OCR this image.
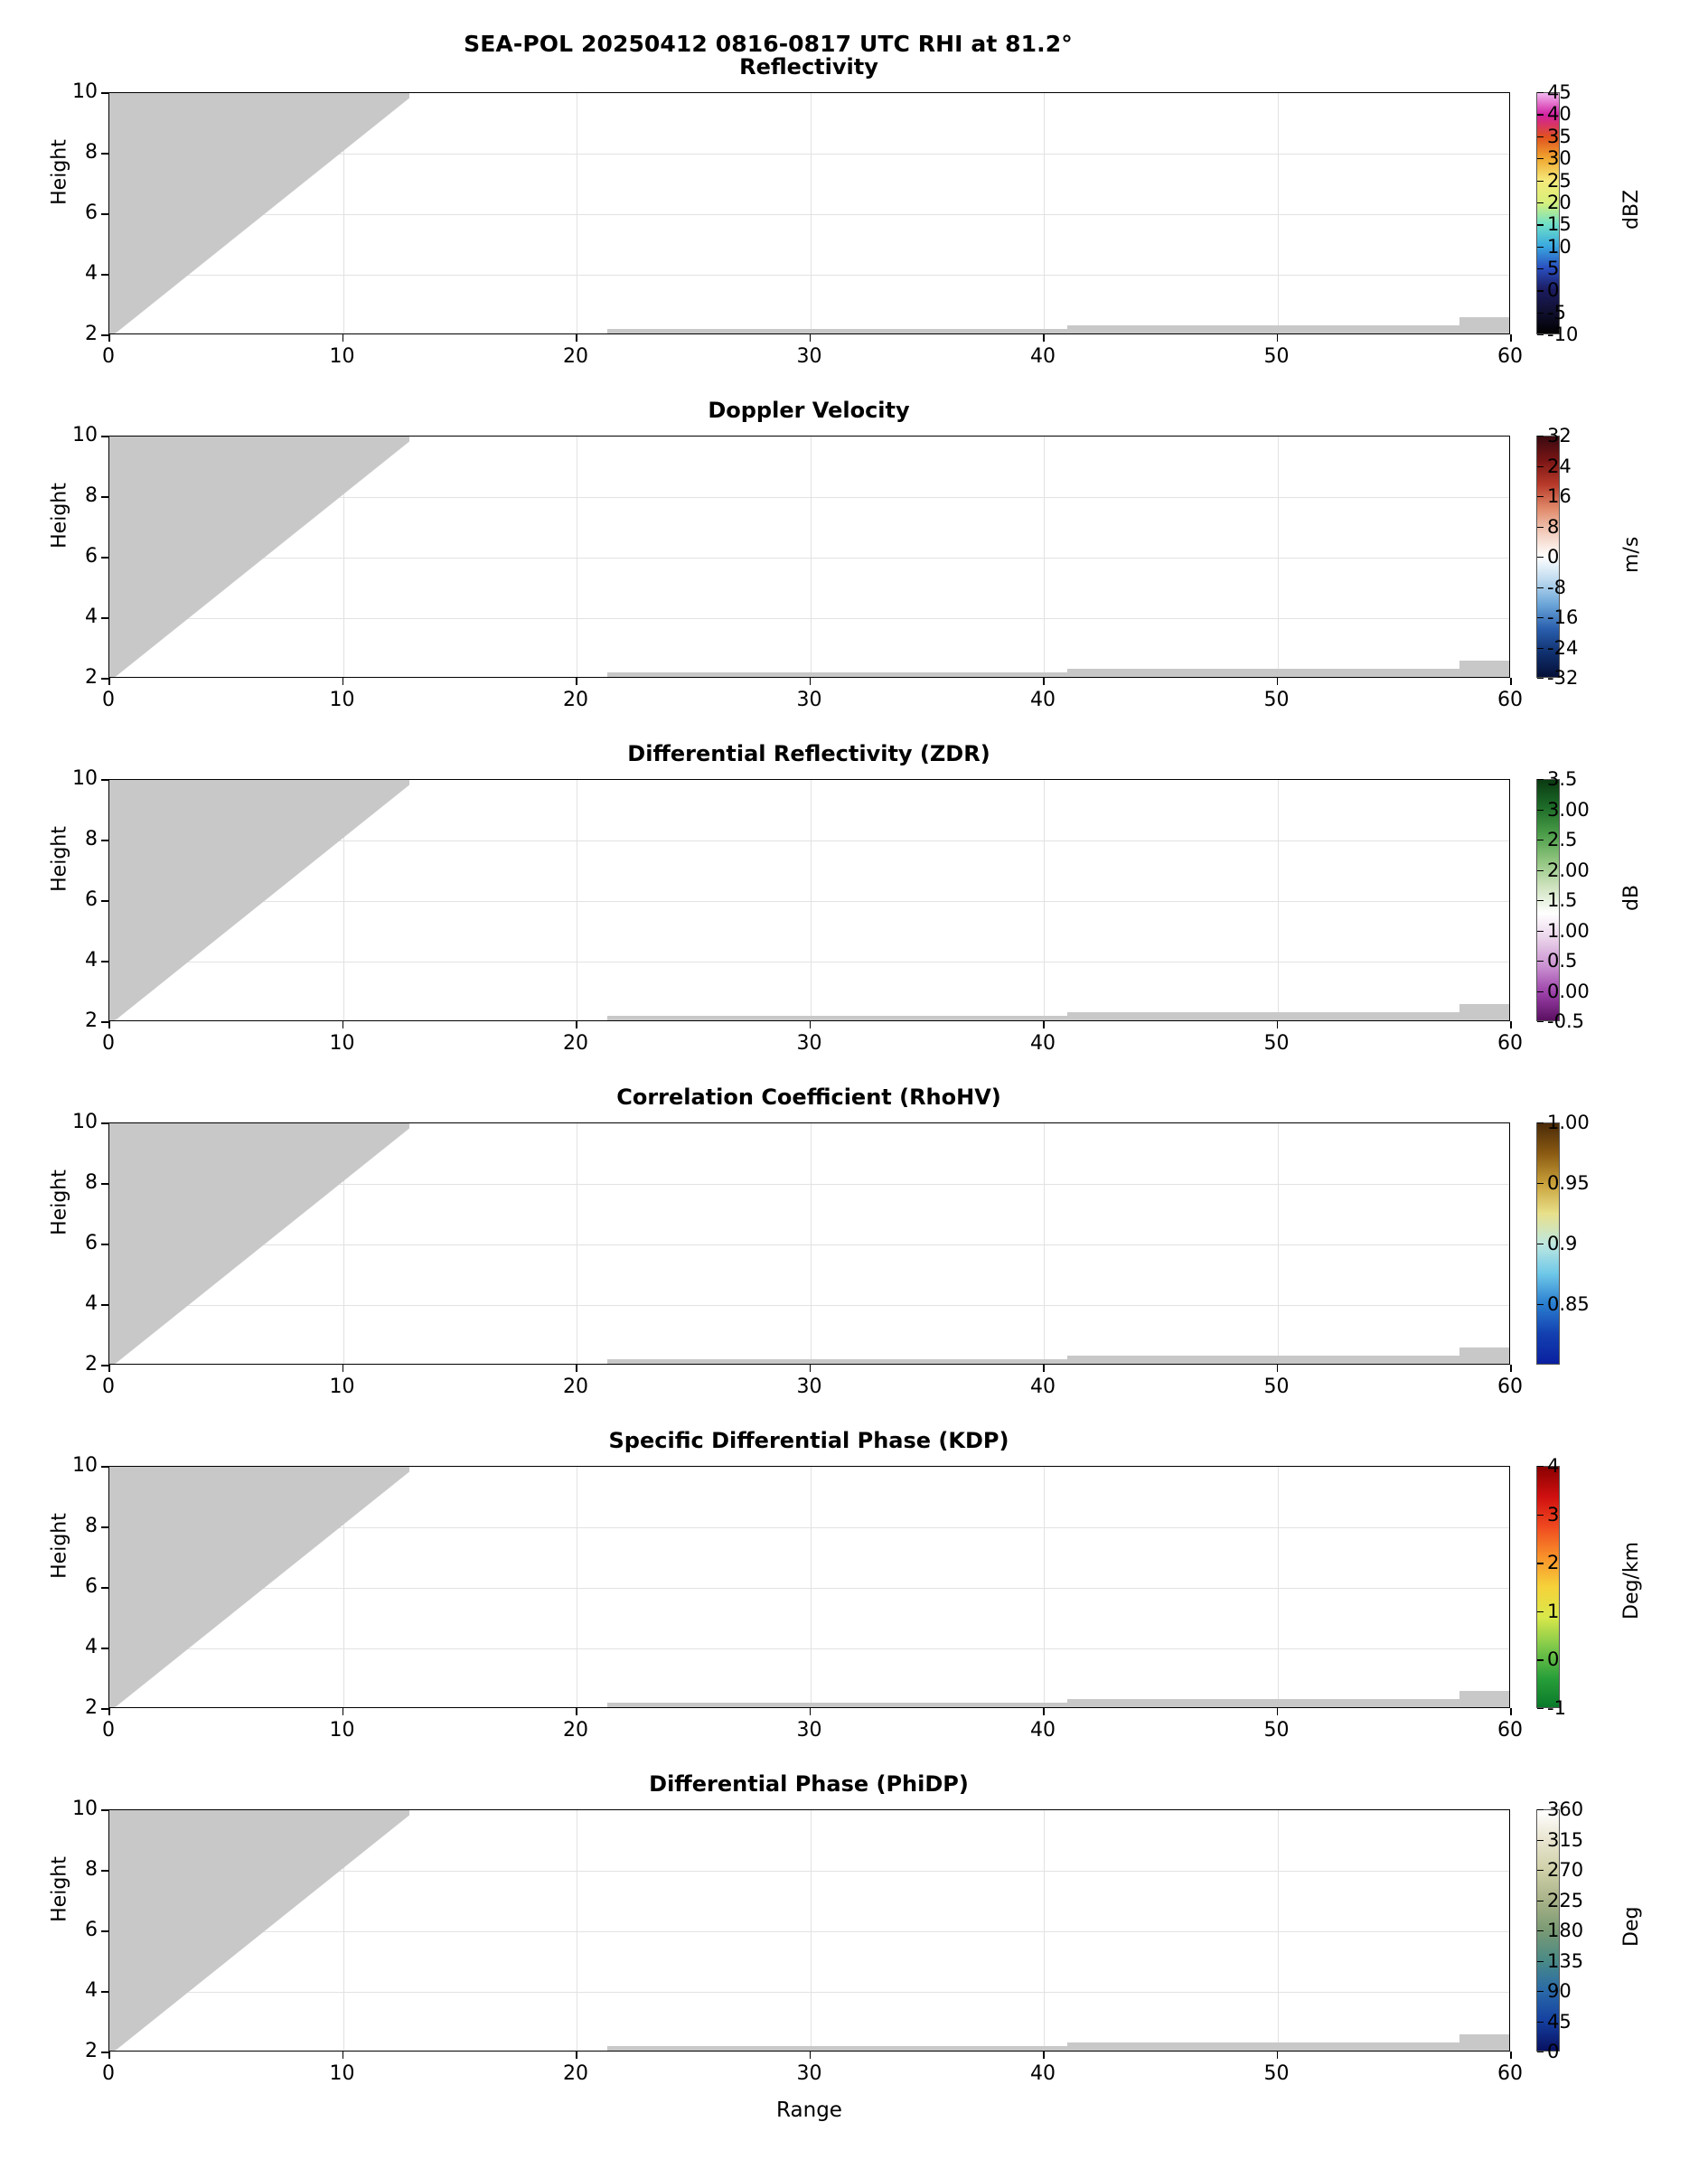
SEA-POL 20250412 0816-0817 UTC RHI at 81.2°
Reflectivity
Height
2
4
6
8
10
0	10	20	30	40	50	60
45
40
35
30
25
20
15
10
5
0
-5
-10
dBZ
Doppler Velocity
Height
2
4
6
8
10
0	10	20	30	40	50	60
32
24
16
8
0
-8
-16
-24
-32
m/s
Differential Reflectivity (ZDR)
Height
2
4
6
8
10
0	10	20	30	40	50	60
3.5
3.00
2.5
2.00
1.5
1.00
0.5
0.00
-0.5
dB
Correlation Coefficient (RhoHV)
Height
2
4
6
8
10
0	10	20	30	40	50	60
1.00
0.95
0.9
0.85
Specific Differential Phase (KDP)
Height
2
4
6
8
10
0	10	20	30	40	50	60
4
3
2
1
0
-1
Deg/km
Differential Phase (PhiDP)
Height
2
4
6
8
10
0	10	20	30	40	50	60
360
315
270
225
180
135
90
45
0
Deg
Range
